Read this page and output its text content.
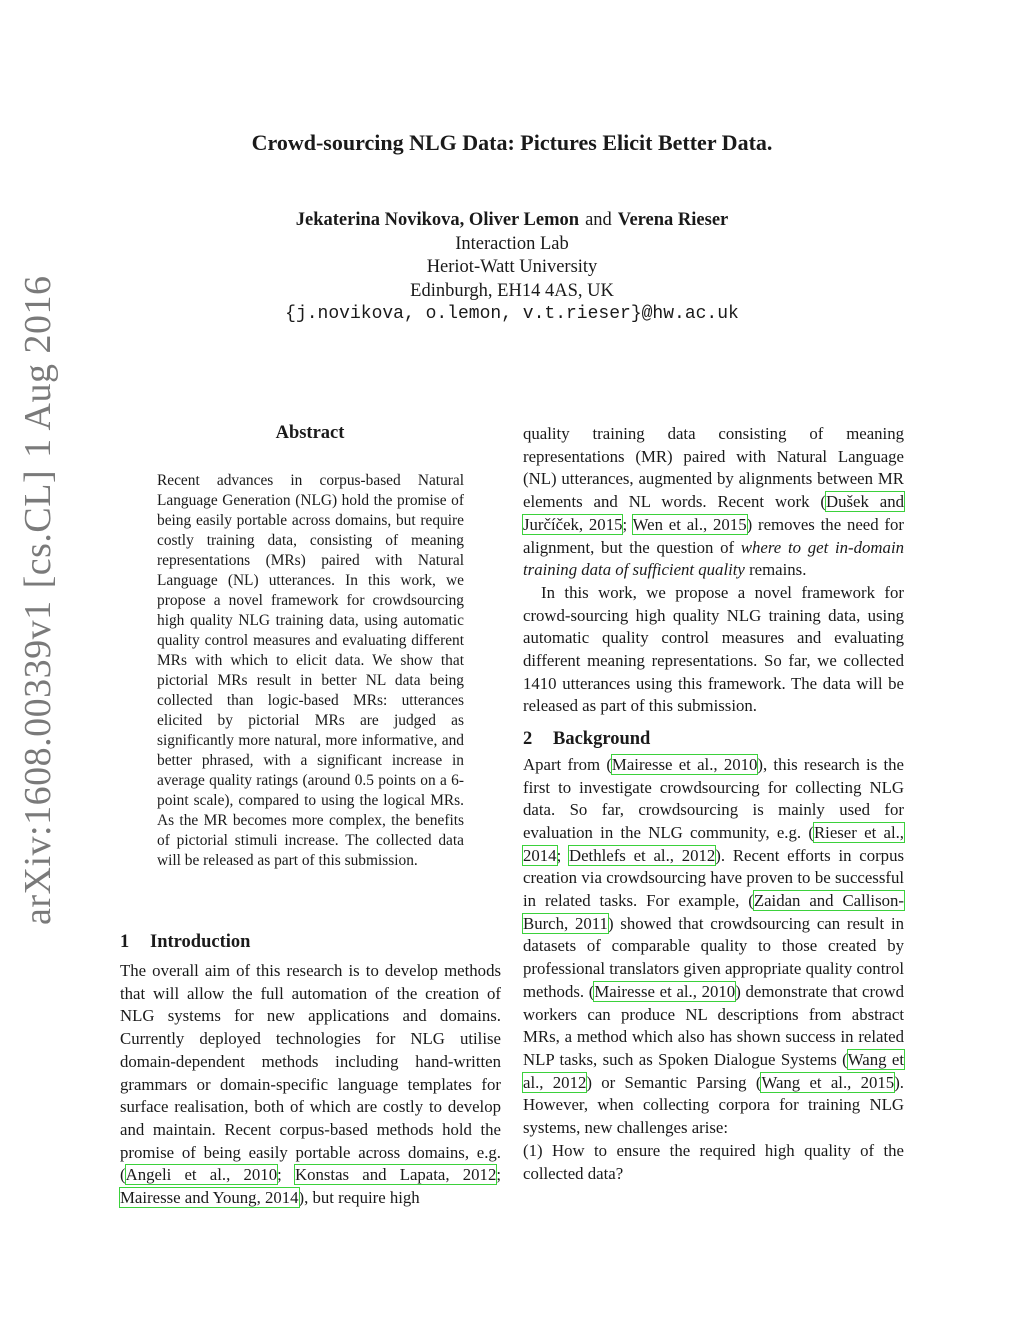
arXiv:1608.00339v1[cs.CL]1 Aug 2016
Crowd-sourcing NLG Data: Pictures Elicit Better Data.
Jekaterina Novikova, Oliver Lemon and Verena Rieser
Interaction Lab
Heriot-Watt University
Edinburgh, EH14 4AS, UK
{j.novikova, o.lemon, v.t.rieser}@hw.ac.uk
Abstract
Recent advances in corpus-based Natural Language Generation (NLG) hold the promise of being easily portable across domains, but require costly training data, consisting of meaning representations (MRs) paired with Natural Language (NL) utterances. In this work, we propose a novel framework for crowdsourcing high quality NLG training data, using automatic quality control measures and evaluating different MRs with which to elicit data. We show that pictorial MRs result in better NL data being collected than logic-based MRs: utterances elicited by pictorial MRs are judged as significantly more natural, more informative, and better phrased, with a significant increase in average quality ratings (around 0.5 points on a 6-point scale), compared to using the logical MRs. As the MR becomes more complex, the benefits of pictorial stimuli increase. The collected data will be released as part of this submission.
1 Introduction
The overall aim of this research is to develop methods that will allow the full automation of the creation of NLG systems for new applications and domains. Currently deployed technologies for NLG utilise domain-dependent methods including hand-written grammars or domain-specific language templates for surface realisation, both of which are costly to develop and maintain. Recent corpus-based methods hold the promise of being easily portable across domains, e.g. (Angeli et al., 2010; Konstas and Lapata, 2012; Mairesse and Young, 2014), but require high

quality training data consisting of meaning representations (MR) paired with Natural Language (NL) utterances, augmented by alignments between MR elements and NL words. Recent work (Dušek and Jurčíček, 2015; Wen et al., 2015) removes the need for alignment, but the question of where to get in-domain training data of sufficient quality remains.

In this work, we propose a novel framework for crowd-sourcing high quality NLG training data, using automatic quality control measures and evaluating different meaning representations. So far, we collected 1410 utterances using this framework. The data will be released as part of this submission.

2 Background

Apart from (Mairesse et al., 2010), this research is the first to investigate crowdsourcing for collecting NLG data. So far, crowdsourcing is mainly used for evaluation in the NLG community, e.g. (Rieser et al., 2014; Dethlefs et al., 2012). Recent efforts in corpus creation via crowdsourcing have proven to be successful in related tasks. For example, (Zaidan and Callison-Burch, 2011) showed that crowdsourcing can result in datasets of comparable quality to those created by professional translators given appropriate quality control methods. (Mairesse et al., 2010) demonstrate that crowd workers can produce NL descriptions from abstract MRs, a method which also has shown success in related NLP tasks, such as Spoken Dialogue Systems (Wang et al., 2012) or Semantic Parsing (Wang et al., 2015). However, when collecting corpora for training NLG systems, new challenges arise:

(1) How to ensure the required high quality of the collected data?
